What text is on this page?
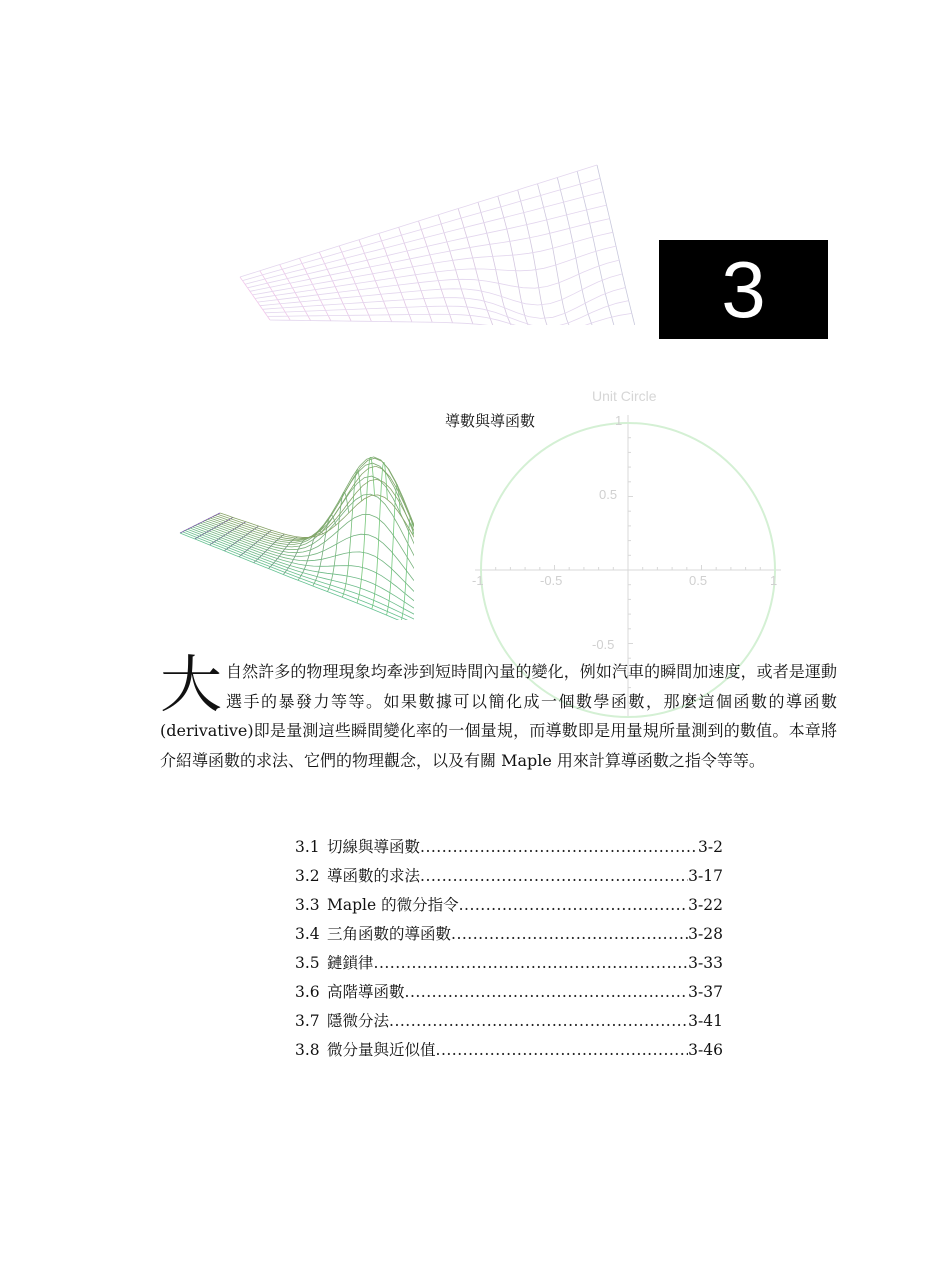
3
Unit Circle
-1	-0.5	0.5	1
0.5
1
-0.5
導數與導函數
大 自然許多的物理現象均牽涉到短時間內量的變化，例如汽車的瞬間加速度，或者是運動選手的暴發力等等。如果數據可以簡化成一個數學函數，那麼這個函數的導函數(derivative)即是量測這些瞬間變化率的一個量規，而導數即是用量規所量測到的數值。本章將介紹導函數的求法、它們的物理觀念，以及有關 Maple 用來計算導函數之指令等等。
3.1 切線與導函數 .....	3-2
3.2 導函數的求法 .....	3-17
3.3 Maple 的微分指令 .....	3-22
3.4 三角函數的導函數 .....	3-28
3.5 鏈鎖律 .....	3-33
3.6 高階導函數 .....	3-37
3.7 隱微分法 .....	3-41
3.8 微分量與近似值 .....	3-46
